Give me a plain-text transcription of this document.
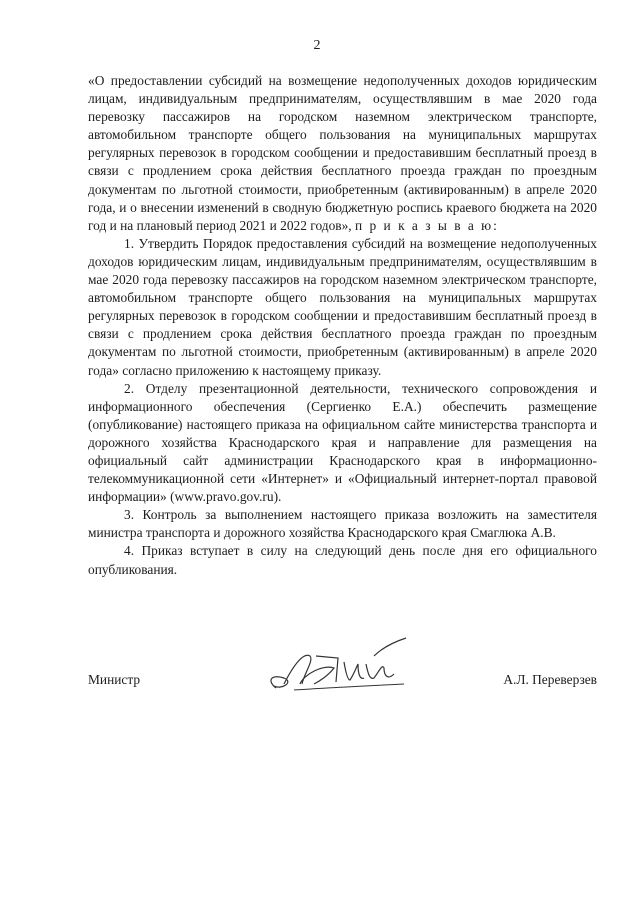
2

«О предоставлении субсидий на возмещение недополученных доходов юридическим лицам, индивидуальным предпринимателям, осуществлявшим в мае 2020 года перевозку пассажиров на городском наземном электрическом транспорте, автомобильном транспорте общего пользования на муниципальных маршрутах регулярных перевозок в городском сообщении и предоставившим бесплатный проезд в связи с продлением срока действия бесплатного проезда граждан по проездным документам по льготной стоимости, приобретенным (активированным) в апреле 2020 года, и о внесении изменений в сводную бюджетную роспись краевого бюджета на 2020 год и на плановый период 2021 и 2022 годов», п р и к а з ы в а ю:

1. Утвердить Порядок предоставления субсидий на возмещение недополученных доходов юридическим лицам, индивидуальным предпринимателям, осуществлявшим в мае 2020 года перевозку пассажиров на городском наземном электрическом транспорте, автомобильном транспорте общего пользования на муниципальных маршрутах регулярных перевозок в городском сообщении и предоставившим бесплатный проезд в связи с продлением срока действия бесплатного проезда граждан по проездным документам по льготной стоимости, приобретенным (активированным) в апреле 2020 года» согласно приложению к настоящему приказу.

2. Отделу презентационной деятельности, технического сопровождения и информационного обеспечения (Сергиенко Е.А.) обеспечить размещение (опубликование) настоящего приказа на официальном сайте министерства транспорта и дорожного хозяйства Краснодарского края и направление для размещения на официальный сайт администрации Краснодарского края в информационно-телекоммуникационной сети «Интернет» и «Официальный интернет-портал правовой информации» (www.pravo.gov.ru).

3. Контроль за выполнением настоящего приказа возложить на заместителя министра транспорта и дорожного хозяйства Краснодарского края Смаглюка А.В.

4. Приказ вступает в силу на следующий день после дня его официального опубликования.

Министр	А.Л. Переверзев
